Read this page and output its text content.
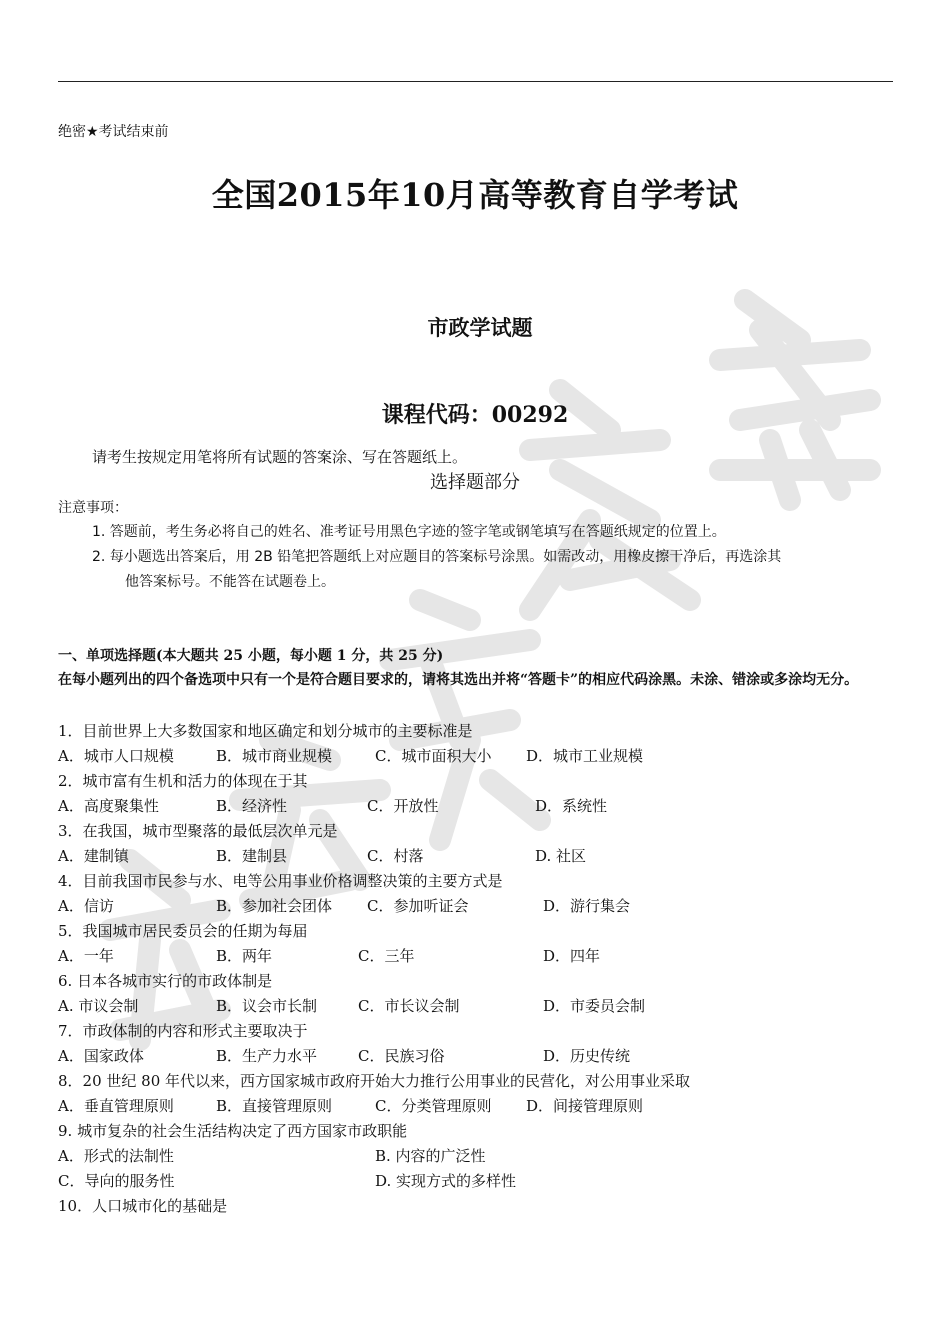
绝密★考试结束前
全国2015年10月高等教育自学考试
市政学试题
课程代码：00292
请考生按规定用笔将所有试题的答案涂、写在答题纸上。
选择题部分
注意事项：
1. 答题前，考生务必将自己的姓名、准考证号用黑色字迹的签字笔或钢笔填写在答题纸规定的位置上。
2. 每小题选出答案后，用 2B 铅笔把答题纸上对应题目的答案标号涂黑。如需改动，用橡皮擦干净后，再选涂其
他答案标号。不能答在试题卷上。
一、单项选择题(本大题共 25 小题，每小题 1 分，共 25 分)
在每小题列出的四个备选项中只有一个是符合题目要求的，请将其选出并将“答题卡”的相应代码涂黑。未涂、错涂或多涂均无分。
1．目前世界上大多数国家和地区确定和划分城市的主要标准是
A．城市人口规模	B．城市商业规模	C．城市面积大小 D．城市工业规模
2．城市富有生机和活力的体现在于其
A．高度聚集性	B．经济性	C．开放性	D．系统性
3．在我国，城市型聚落的最低层次单元是
A．建制镇	B．建制县	C．村落	D. 社区
4．目前我国市民参与水、电等公用事业价格调整决策的主要方式是
A．信访	B．参加社会团体 C．参加听证会	D．游行集会
5．我国城市居民委员会的任期为每届
A．一年	B．两年	C．三年	D．四年
6. 日本各城市实行的市政体制是
A. 市议会制	B．议会市长制	C．市长议会制	D．市委员会制
7．市政体制的内容和形式主要取决于
A．国家政体	B．生产力水平	C．民族习俗	D．历史传统
8．20 世纪 80 年代以来，西方国家城市政府开始大力推行公用事业的民营化，对公用事业采取
A．垂直管理原则	B．直接管理原则	C．分类管理原则 D．间接管理原则
9. 城市复杂的社会生活结构决定了西方国家市政职能
A．形式的法制性	B. 内容的广泛性
C．导向的服务性	D. 实现方式的多样性
10．人口城市化的基础是
